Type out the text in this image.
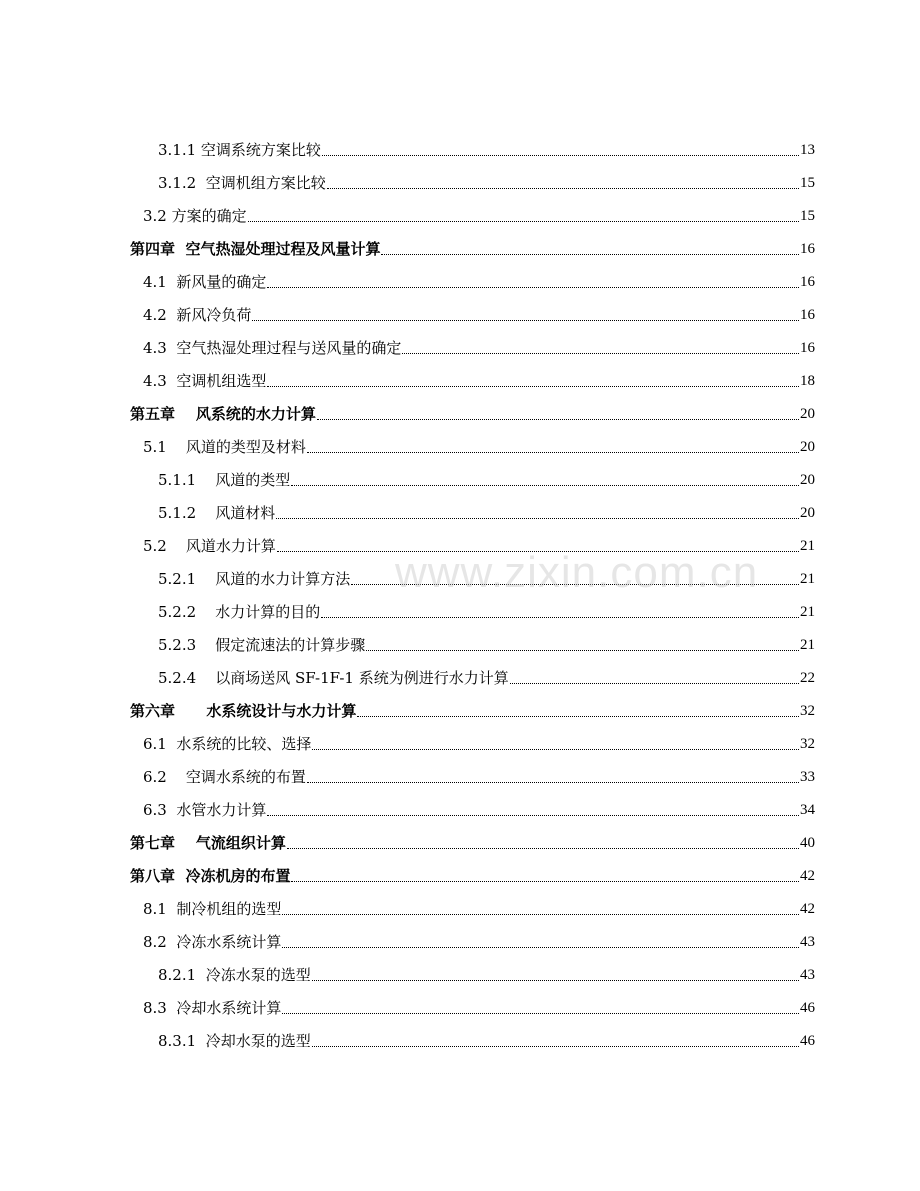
3.1.1 空调系统方案比较	13
3.1.2  空调机组方案比较	15
3.2 方案的确定	15
第四章  空气热湿处理过程及风量计算	16
4.1  新风量的确定	16
4.2  新风冷负荷	16
4.3  空气热湿处理过程与送风量的确定	16
4.3  空调机组选型	18
第五章    风系统的水力计算	20
5.1    风道的类型及材料	20
5.1.1    风道的类型	20
5.1.2    风道材料	20
5.2    风道水力计算	21
5.2.1    风道的水力计算方法	21
5.2.2    水力计算的目的	21
5.2.3    假定流速法的计算步骤	21
5.2.4    以商场送风 SF-1F-1 系统为例进行水力计算	22
第六章      水系统设计与水力计算	32
6.1  水系统的比较、选择	32
6.2    空调水系统的布置	33
6.3  水管水力计算	34
第七章    气流组织计算	40
第八章  冷冻机房的布置	42
8.1  制冷机组的选型	42
8.2  冷冻水系统计算	43
8.2.1  冷冻水泵的选型	43
8.3  冷却水系统计算	46
8.3.1  冷却水泵的选型	46
www.zixin.com.cn
